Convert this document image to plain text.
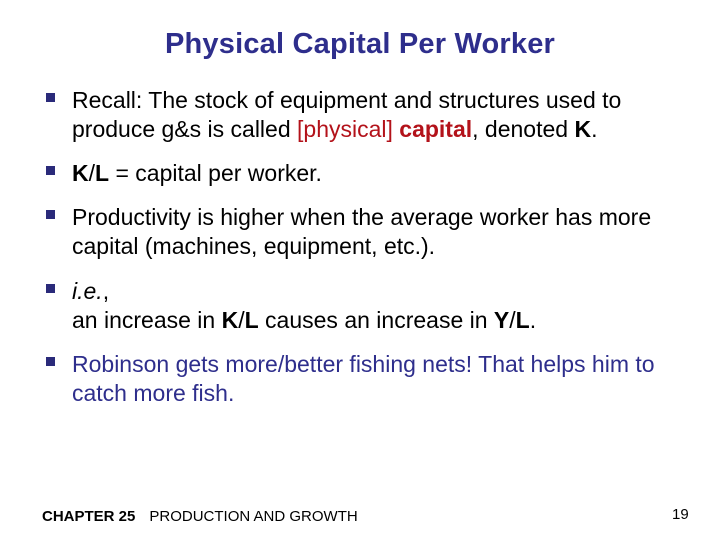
Physical Capital Per Worker
Recall: The stock of equipment and structures used to produce g&s is called [physical] capital, denoted K.
K/L = capital per worker.
Productivity is higher when the average worker has more capital (machines, equipment, etc.).
i.e.,
an increase in K/L causes an increase in Y/L.
Robinson gets more/better fishing nets! That helps him to catch more fish.
CHAPTER 25 PRODUCTION AND GROWTH	19
